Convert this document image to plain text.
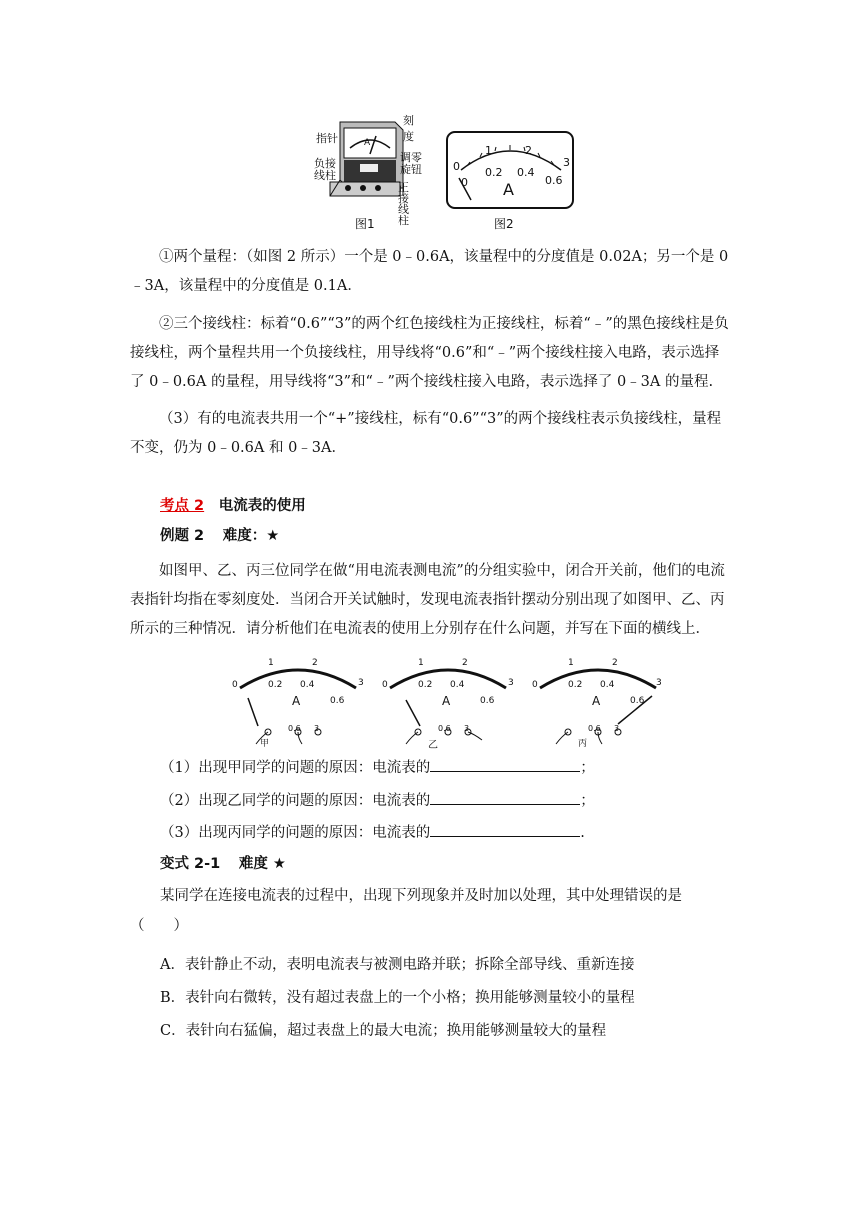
刻度
指针
调零旋钮
负接线柱
正接线柱
A
图1
0
1	2
3
0
0.2 0.4
0.6
A
图2

①两个量程：（如图 2 所示）一个是 0﹣0.6A，该量程中的分度值是 0.02A；另一个是 0﹣3A，该量程中的分度值是 0.1A．

②三个接线柱：标着“0.6”“3”的两个红色接线柱为正接线柱，标着“﹣”的黑色接线柱是负接线柱，两个量程共用一个负接线柱，用导线将“0.6”和“﹣”两个接线柱接入电路，表示选择了 0﹣0.6A 的量程，用导线将“3”和“﹣”两个接线柱接入电路，表示选择了 0﹣3A 的量程.

（3）有的电流表共用一个“+”接线柱，标有“0.6”“3”的两个接线柱表示负接线柱，量程不变，仍为 0﹣0.6A 和 0﹣3A．

考点 2 电流表的使用
例题 2 难度：★

如图甲、乙、丙三位同学在做“用电流表测电流”的分组实验中，闭合开关前，他们的电流表指针均指在零刻度处．当闭合开关试触时，发现电流表指针摆动分别出现了如图甲、乙、丙所示的三种情况．请分析他们在电流表的使用上分别存在什么问题，并写在下面的横线上．

0
1	2
3
0.2 0.4
0.6
A
0.6 3
0
1	2
3
0.2 0.4
0.6
A
0.6 3
0
1	2
3
0.2 0.4
0.6
A
0.6 3
甲	乙	丙
（1）出现甲同学的问题的原因：电流表的	；
（2）出现乙同学的问题的原因：电流表的	；
（3）出现丙同学的问题的原因：电流表的	.
变式 2-1 难度 ★

某同学在连接电流表的过程中，出现下列现象并及时加以处理，其中处理错误的是

（　　）
A．表针静止不动，表明电流表与被测电路并联；拆除全部导线、重新连接
B．表针向右微转，没有超过表盘上的一个小格；换用能够测量较小的量程
C．表针向右猛偏，超过表盘上的最大电流；换用能够测量较大的量程
